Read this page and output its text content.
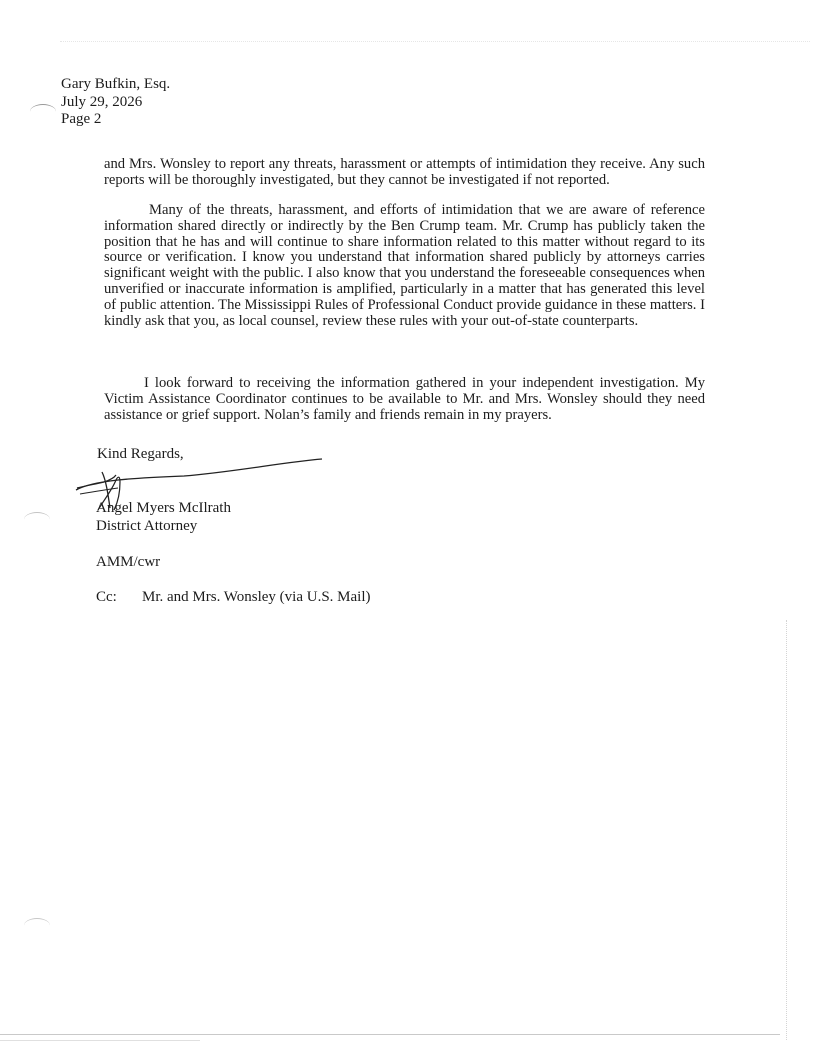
Gary Bufkin, Esq.
July 29, 2026
Page 2
and Mrs. Wonsley to report any threats, harassment or attempts of intimidation they receive. Any such reports will be thoroughly investigated, but they cannot be investigated if not reported.
Many of the threats, harassment, and efforts of intimidation that we are aware of reference information shared directly or indirectly by the Ben Crump team. Mr. Crump has publicly taken the position that he has and will continue to share information related to this matter without regard to its source or verification. I know you understand that information shared publicly by attorneys carries significant weight with the public. I also know that you understand the foreseeable consequences when unverified or inaccurate information is amplified, particularly in a matter that has generated this level of public attention. The Mississippi Rules of Professional Conduct provide guidance in these matters. I kindly ask that you, as local counsel, review these rules with your out-of-state counterparts.
I look forward to receiving the information gathered in your independent investigation. My Victim Assistance Coordinator continues to be available to Mr. and Mrs. Wonsley should they need assistance or grief support. Nolan’s family and friends remain in my prayers.
Kind Regards,
Angel Myers McIlrath
District Attorney
AMM/cwr
Cc: Mr. and Mrs. Wonsley (via U.S. Mail)
